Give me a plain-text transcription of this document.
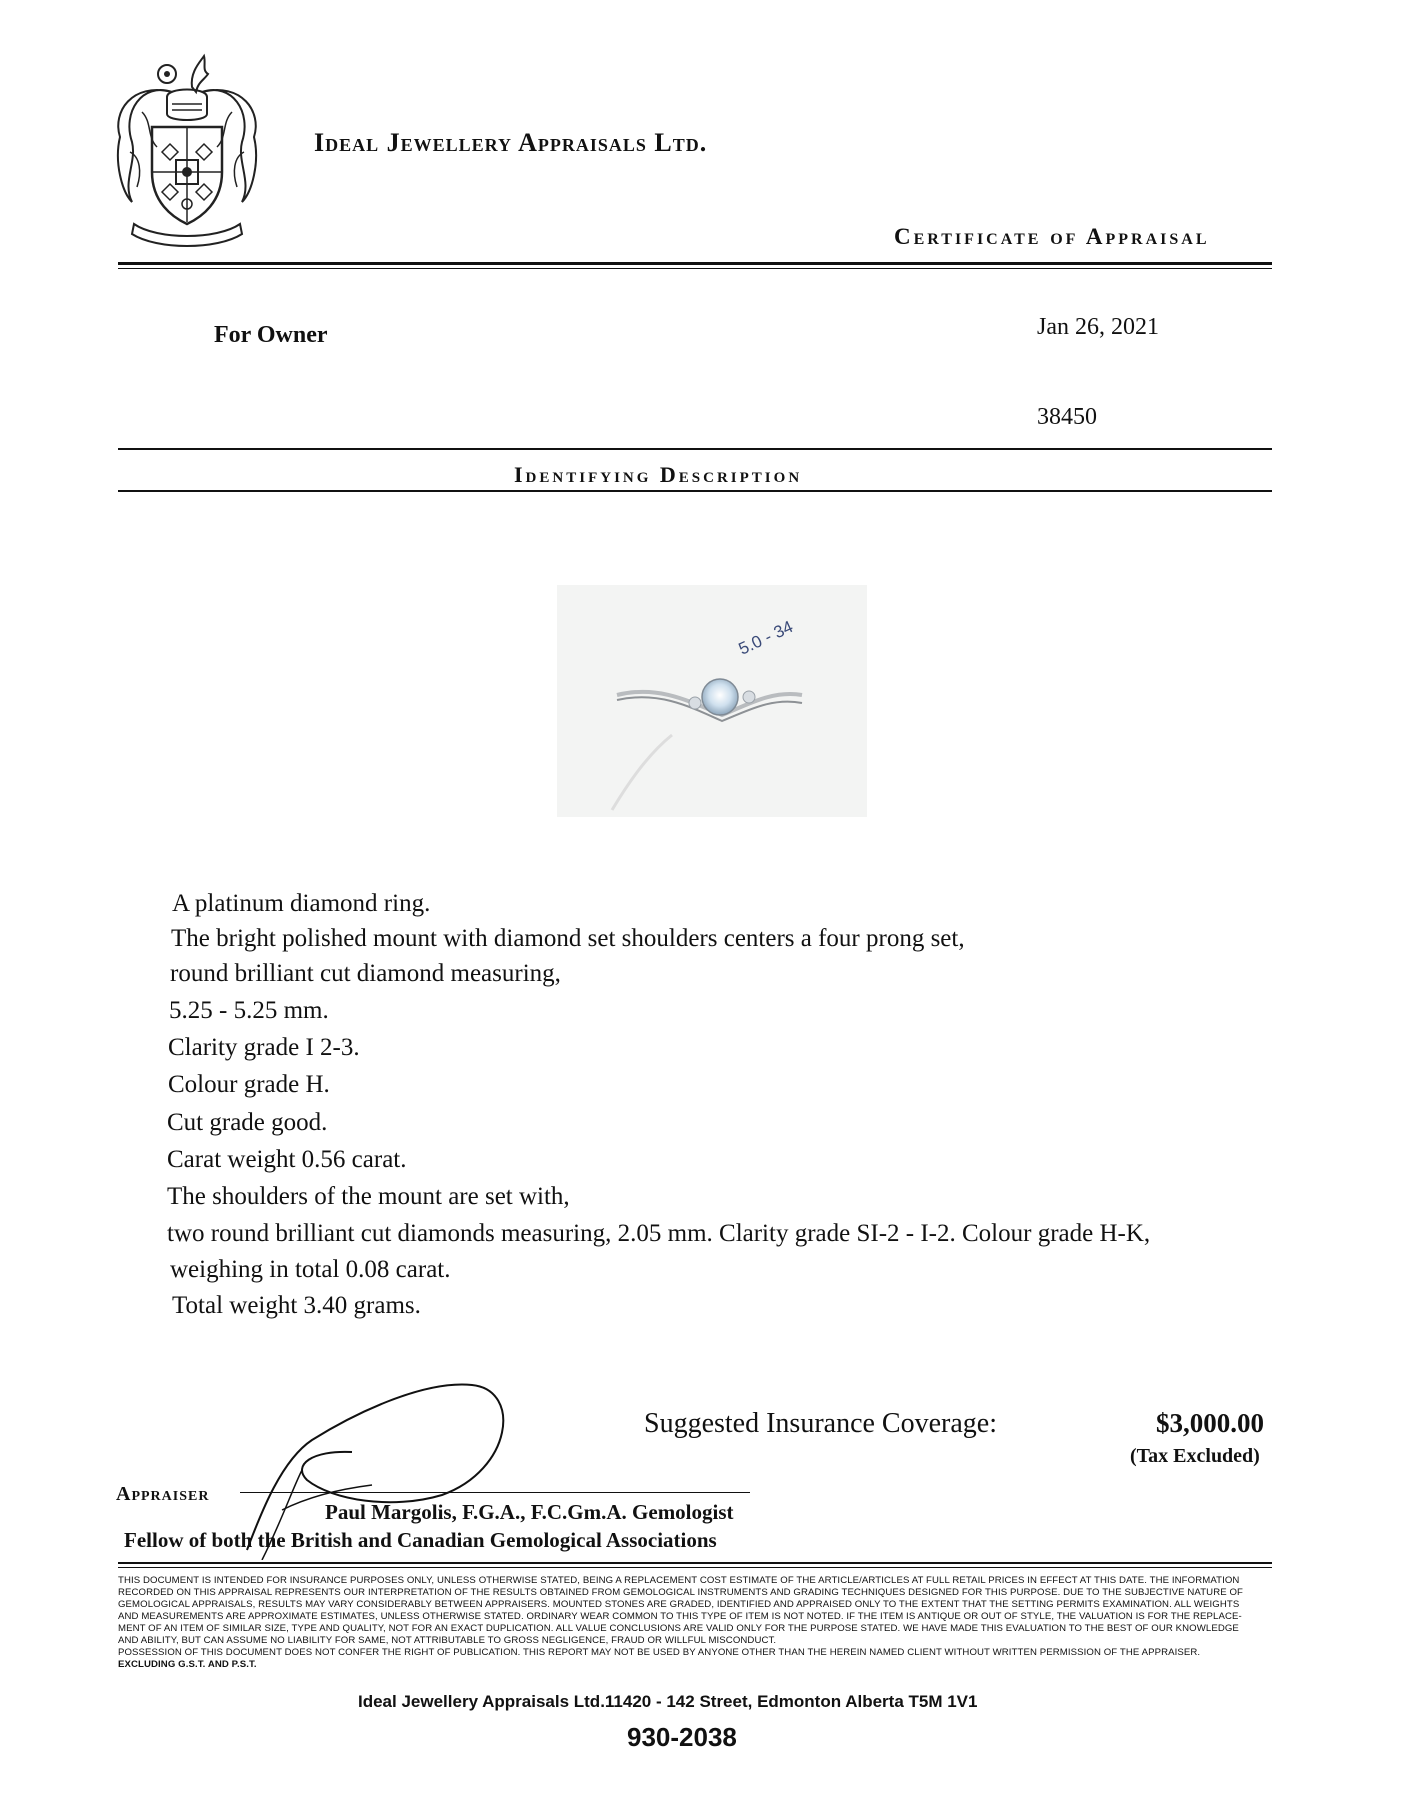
Ideal Jewellery Appraisals Ltd.
Certificate of Appraisal
For Owner	Jan 26, 2021
38450
Identifying Description
5.0 - 34
A platinum diamond ring.
The bright polished mount with diamond set shoulders centers a four prong set,
round brilliant cut diamond measuring,
5.25 - 5.25 mm.
Clarity grade I 2-3.
Colour grade H.
Cut grade good.
Carat weight 0.56 carat.
The shoulders of the mount are set with,
two round brilliant cut diamonds measuring, 2.05 mm. Clarity grade SI-2 - I-2. Colour grade H-K,
weighing in total 0.08 carat.
Total weight 3.40 grams.
Suggested Insurance Coverage:	$3,000.00
(Tax Excluded)
Appraiser
Paul Margolis, F.G.A., F.C.Gm.A. Gemologist
Fellow of both the British and Canadian Gemological Associations
THIS DOCUMENT IS INTENDED FOR INSURANCE PURPOSES ONLY, UNLESS OTHERWISE STATED, BEING A REPLACEMENT COST ESTIMATE OF THE ARTICLE/ARTICLES AT FULL RETAIL PRICES IN EFFECT AT THIS DATE. THE INFORMATION
RECORDED ON THIS APPRAISAL REPRESENTS OUR INTERPRETATION OF THE RESULTS OBTAINED FROM GEMOLOGICAL INSTRUMENTS AND GRADING TECHNIQUES DESIGNED FOR THIS PURPOSE. DUE TO THE SUBJECTIVE NATURE OF
GEMOLOGICAL APPRAISALS, RESULTS MAY VARY CONSIDERABLY BETWEEN APPRAISERS. MOUNTED STONES ARE GRADED, IDENTIFIED AND APPRAISED ONLY TO THE EXTENT THAT THE SETTING PERMITS EXAMINATION. ALL WEIGHTS
AND MEASUREMENTS ARE APPROXIMATE ESTIMATES, UNLESS OTHERWISE STATED. ORDINARY WEAR COMMON TO THIS TYPE OF ITEM IS NOT NOTED. IF THE ITEM IS ANTIQUE OR OUT OF STYLE, THE VALUATION IS FOR THE REPLACE-
MENT OF AN ITEM OF SIMILAR SIZE, TYPE AND QUALITY, NOT FOR AN EXACT DUPLICATION. ALL VALUE CONCLUSIONS ARE VALID ONLY FOR THE PURPOSE STATED. WE HAVE MADE THIS EVALUATION TO THE BEST OF OUR KNOWLEDGE
AND ABILITY, BUT CAN ASSUME NO LIABILITY FOR SAME, NOT ATTRIBUTABLE TO GROSS NEGLIGENCE, FRAUD OR WILLFUL MISCONDUCT.
POSSESSION OF THIS DOCUMENT DOES NOT CONFER THE RIGHT OF PUBLICATION. THIS REPORT MAY NOT BE USED BY ANYONE OTHER THAN THE HEREIN NAMED CLIENT WITHOUT WRITTEN PERMISSION OF THE APPRAISER.
EXCLUDING G.S.T. AND P.S.T.
Ideal Jewellery Appraisals Ltd.11420 - 142 Street, Edmonton Alberta T5M 1V1
930-2038
